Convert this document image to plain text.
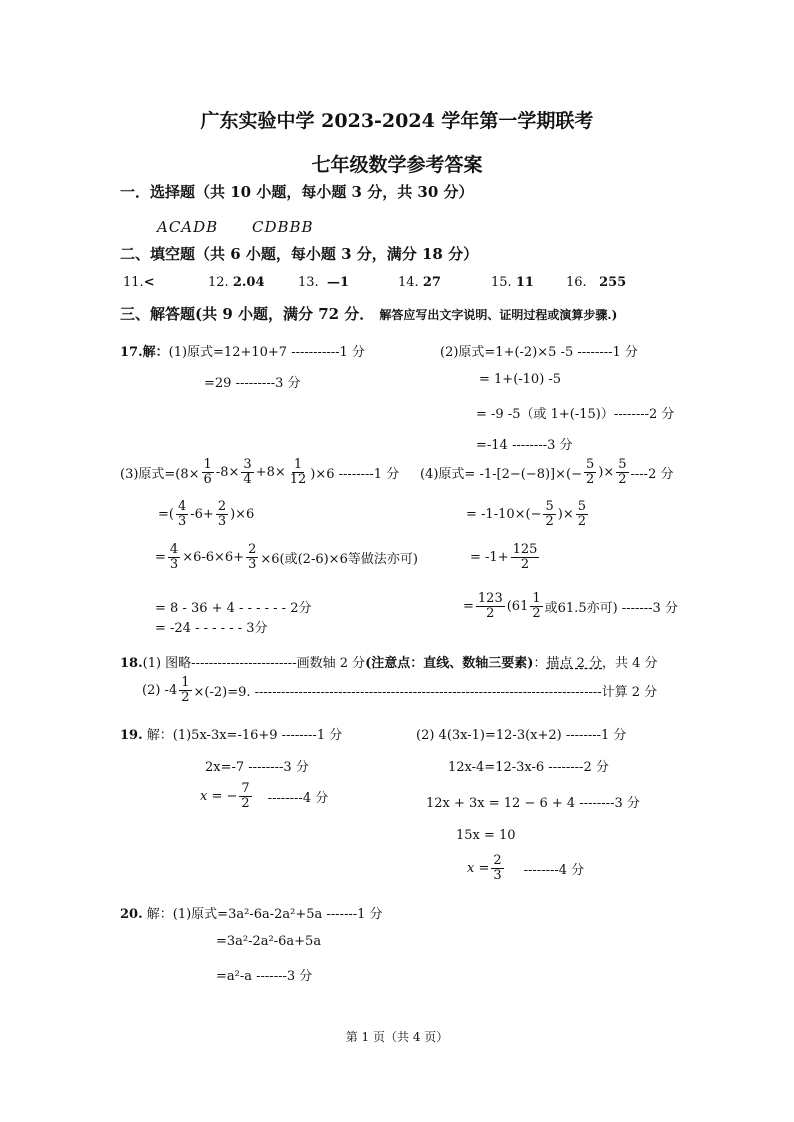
广东实验中学 2023-2024 学年第一学期联考
七年级数学参考答案
一．选择题（共 10 小题，每小题 3 分，共 30 分）
ACADB CDBBB
二、填空题（共 6 小题，每小题 3 分，满分 18 分）
11.<	12. 2.04	13. —1	14. 27	15. 11 16. 255
三、解答题(共 9 小题，满分 72 分． 解答应写出文字说明、证明过程或演算步骤.)
17.解：(1)原式=12+10+7 -----------1 分
=29 ---------3 分
(2)原式=1+(-2)×5 -5 --------1 分
= 1+(-10) -5
= -9 -5（或 1+(-15)）--------2 分
=-14 --------3 分
(3)原式$=(8\times \frac{1}{6} -8\times \frac{3}{4} +8\times \frac{1}{12} )\times 6$ --------1 分
=( $\frac{4}{3} -6+ \frac{2}{3} )\times 6$
= $\frac{4}{3} \times 6-6\times 6+ \frac{2}{3} \times 6$(或(2-6)×6等做法亦可)
= 8 - 36 + 4 - - - - - - 2分
= -24 - - - - - - 3分
(4)原式= $-1-[2-(-8)]\times(- \frac{5}{2}$ )× $\frac{5}{2} ----2$ 分
= $-1-10\times(- \frac{5}{2}$ )× $\frac{5}{2}$
= $-1+ \frac{125}{2}$
= $\frac{123}{2} (61 \frac{1}{2}$ 或61.5亦可) -------3 分
18.(1) 图略------------------------画数轴 2 分(注意点：直线、数轴三要素)：描点 2 分，共 4 分
(2) $-4 \frac{1}{2} \times(-2)=9$. -------------------------------------------------------------------------------计算 2 分
19. 解：(1)5x-3x=-16+9 --------1 分
2x=-7 --------3 分
x = − $\frac{7}{2} --------4$ 分
(2) 4(3x-1)=12-3(x+2) --------1 分
12x-4=12-3x-6 --------2 分
12x + 3x = 12 − 6 + 4 --------3 分
15x = 10
$x = \frac{2}{3} --------4$ 分
20. 解：(1)原式=3a²-6a-2a²+5a -------1 分
=3a²-2a²-6a+5a
=a²-a -------3 分
第 1 页（共 4 页）
